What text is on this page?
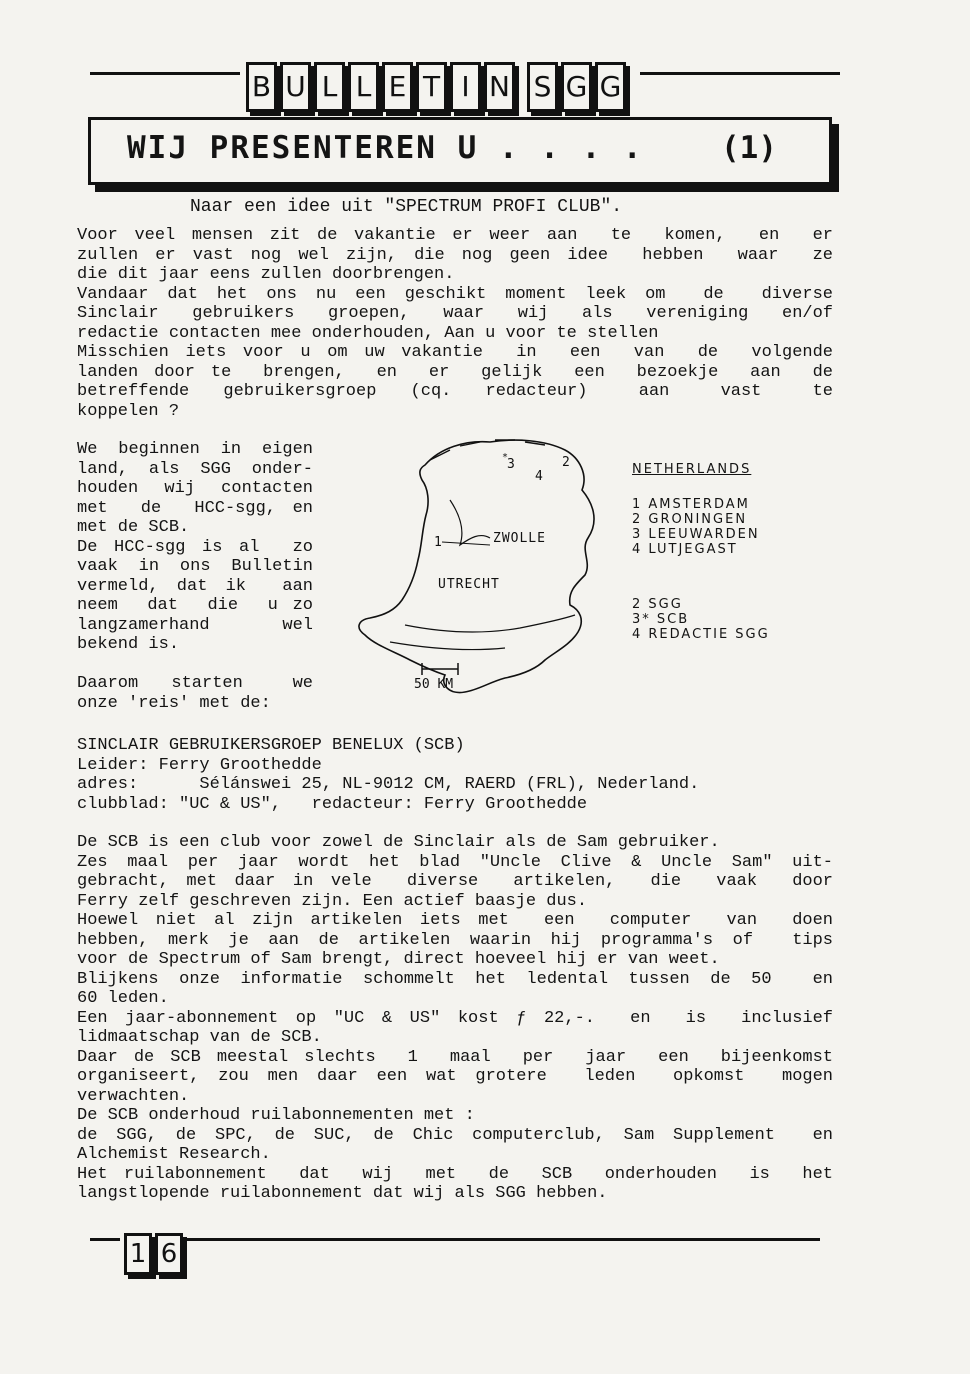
B U L L E T I N S G G
WIJ PRESENTEREN U . . . . (1)
Naar een idee uit "SPECTRUM PROFI CLUB".
Voor veel mensen zit de vakantie er weer aan  te  komen,  en  er
zullen er vast nog wel zijn, die nog geen idee  hebben  waar  ze
die dit jaar eens zullen doorbrengen.
Vandaar dat het ons nu een geschikt moment leek om  de  diverse
Sinclair  gebruikers  groepen,  waar  wij  als  vereniging  en/of
redactie contacten mee onderhouden, Aan u voor te stellen
Misschien iets voor u om uw vakantie  in  een  van  de  volgende
landen door te  brengen,  en  er  gelijk  een  bezoekje  aan  de
betreffende  gebruikersgroep  (cq.  redacteur)   aan   vast   te
koppelen ?
We beginnen in eigen
land, als SGG onder-
houden wij contacten
met  de  HCC-sgg, en
met de SCB.
De HCC-sgg is al  zo
vaak in ons Bulletin
vermeld, dat ik  aan
neem  dat  die  u zo
langzamerhand    wel
bekend is.
Daarom  starten   we
onze 'reis' met de:
1
2
3
*
4
ZWOLLE
UTRECHT
50 KM
NETHERLANDS
1 AMSTERDAM
2 GRONINGEN
3 LEEUWARDEN
4 LUTJEGAST
2 SGG
3* SCB
4 REDACTIE SGG
SINCLAIR GEBRUIKERSGROEP BENELUX (SCB)
Leider: Ferry Groothedde
adres:      Sélánswei 25, NL-9012 CM, RAERD (FRL), Nederland.
clubblad: "UC & US",   redacteur: Ferry Groothedde
De SCB is een club voor zowel de Sinclair als de Sam gebruiker.
Zes maal per jaar wordt het blad "Uncle Clive & Uncle Sam" uit-
gebracht, met daar in vele  diverse  artikelen,  die  vaak  door
Ferry zelf geschreven zijn. Een actief baasje dus.
Hoewel niet al zijn artikelen iets met  een  computer  van  doen
hebben, merk je aan de artikelen waarin hij programma's of  tips
voor de Spectrum of Sam brengt, direct hoeveel hij er van weet.
Blijkens onze informatie schommelt het ledental tussen de 50  en
60 leden.
Een jaar-abonnement op "UC & US" kost ƒ 22,-.  en  is  inclusief
lidmaatschap van de SCB.
Daar de SCB meestal slechts  1  maal  per  jaar  een  bijeenkomst
organiseert, zou men daar een wat grotere  leden  opkomst  mogen
verwachten.
De SCB onderhoud ruilabonnementen met :
de SGG, de SPC, de SUC, de Chic computerclub, Sam Supplement  en
Alchemist Research.
Het ruilabonnement  dat  wij  met  de  SCB  onderhouden  is  het
langstlopende ruilabonnement dat wij als SGG hebben.
1 6
